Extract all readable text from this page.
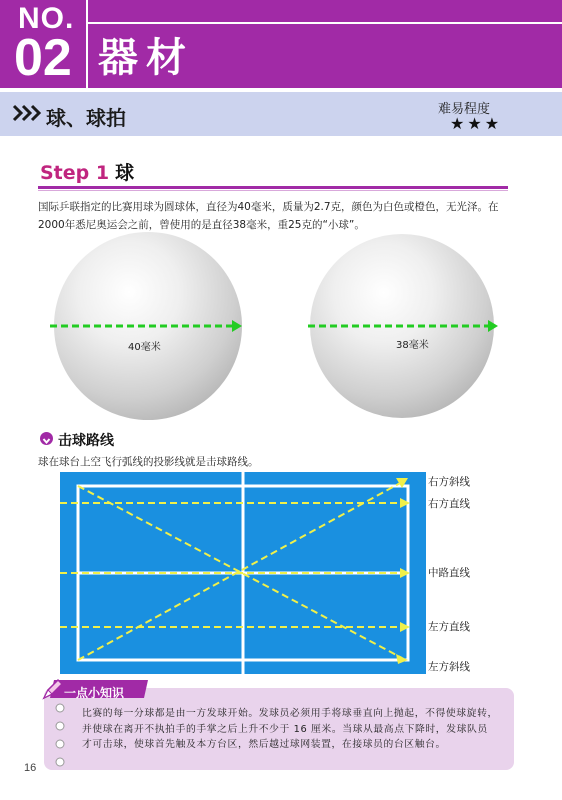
NO.
02 器材
球、球拍	难易程度
★★★
Step 1 球
国际乒联指定的比赛用球为圆球体，直径为40毫米，质量为2.7克，颜色为白色或橙色，无光泽。在2000年悉尼奥运会之前，曾使用的是直径38毫米，重25克的“小球”。
40毫米	38毫米
击球路线
球在球台上空飞行弧线的投影线就是击球路线。
右方斜线
右方直线
中路直线
左方直线
左方斜线
一点小知识
比赛的每一分球都是由一方发球开始。发球员必须用手将球垂直向上抛起，不得使球旋转，并使球在离开不执拍手的手掌之后上升不少于 16 厘米。当球从最高点下降时，发球队员才可击球，使球首先触及本方台区，然后越过球网装置，在接球员的台区触台。
16
